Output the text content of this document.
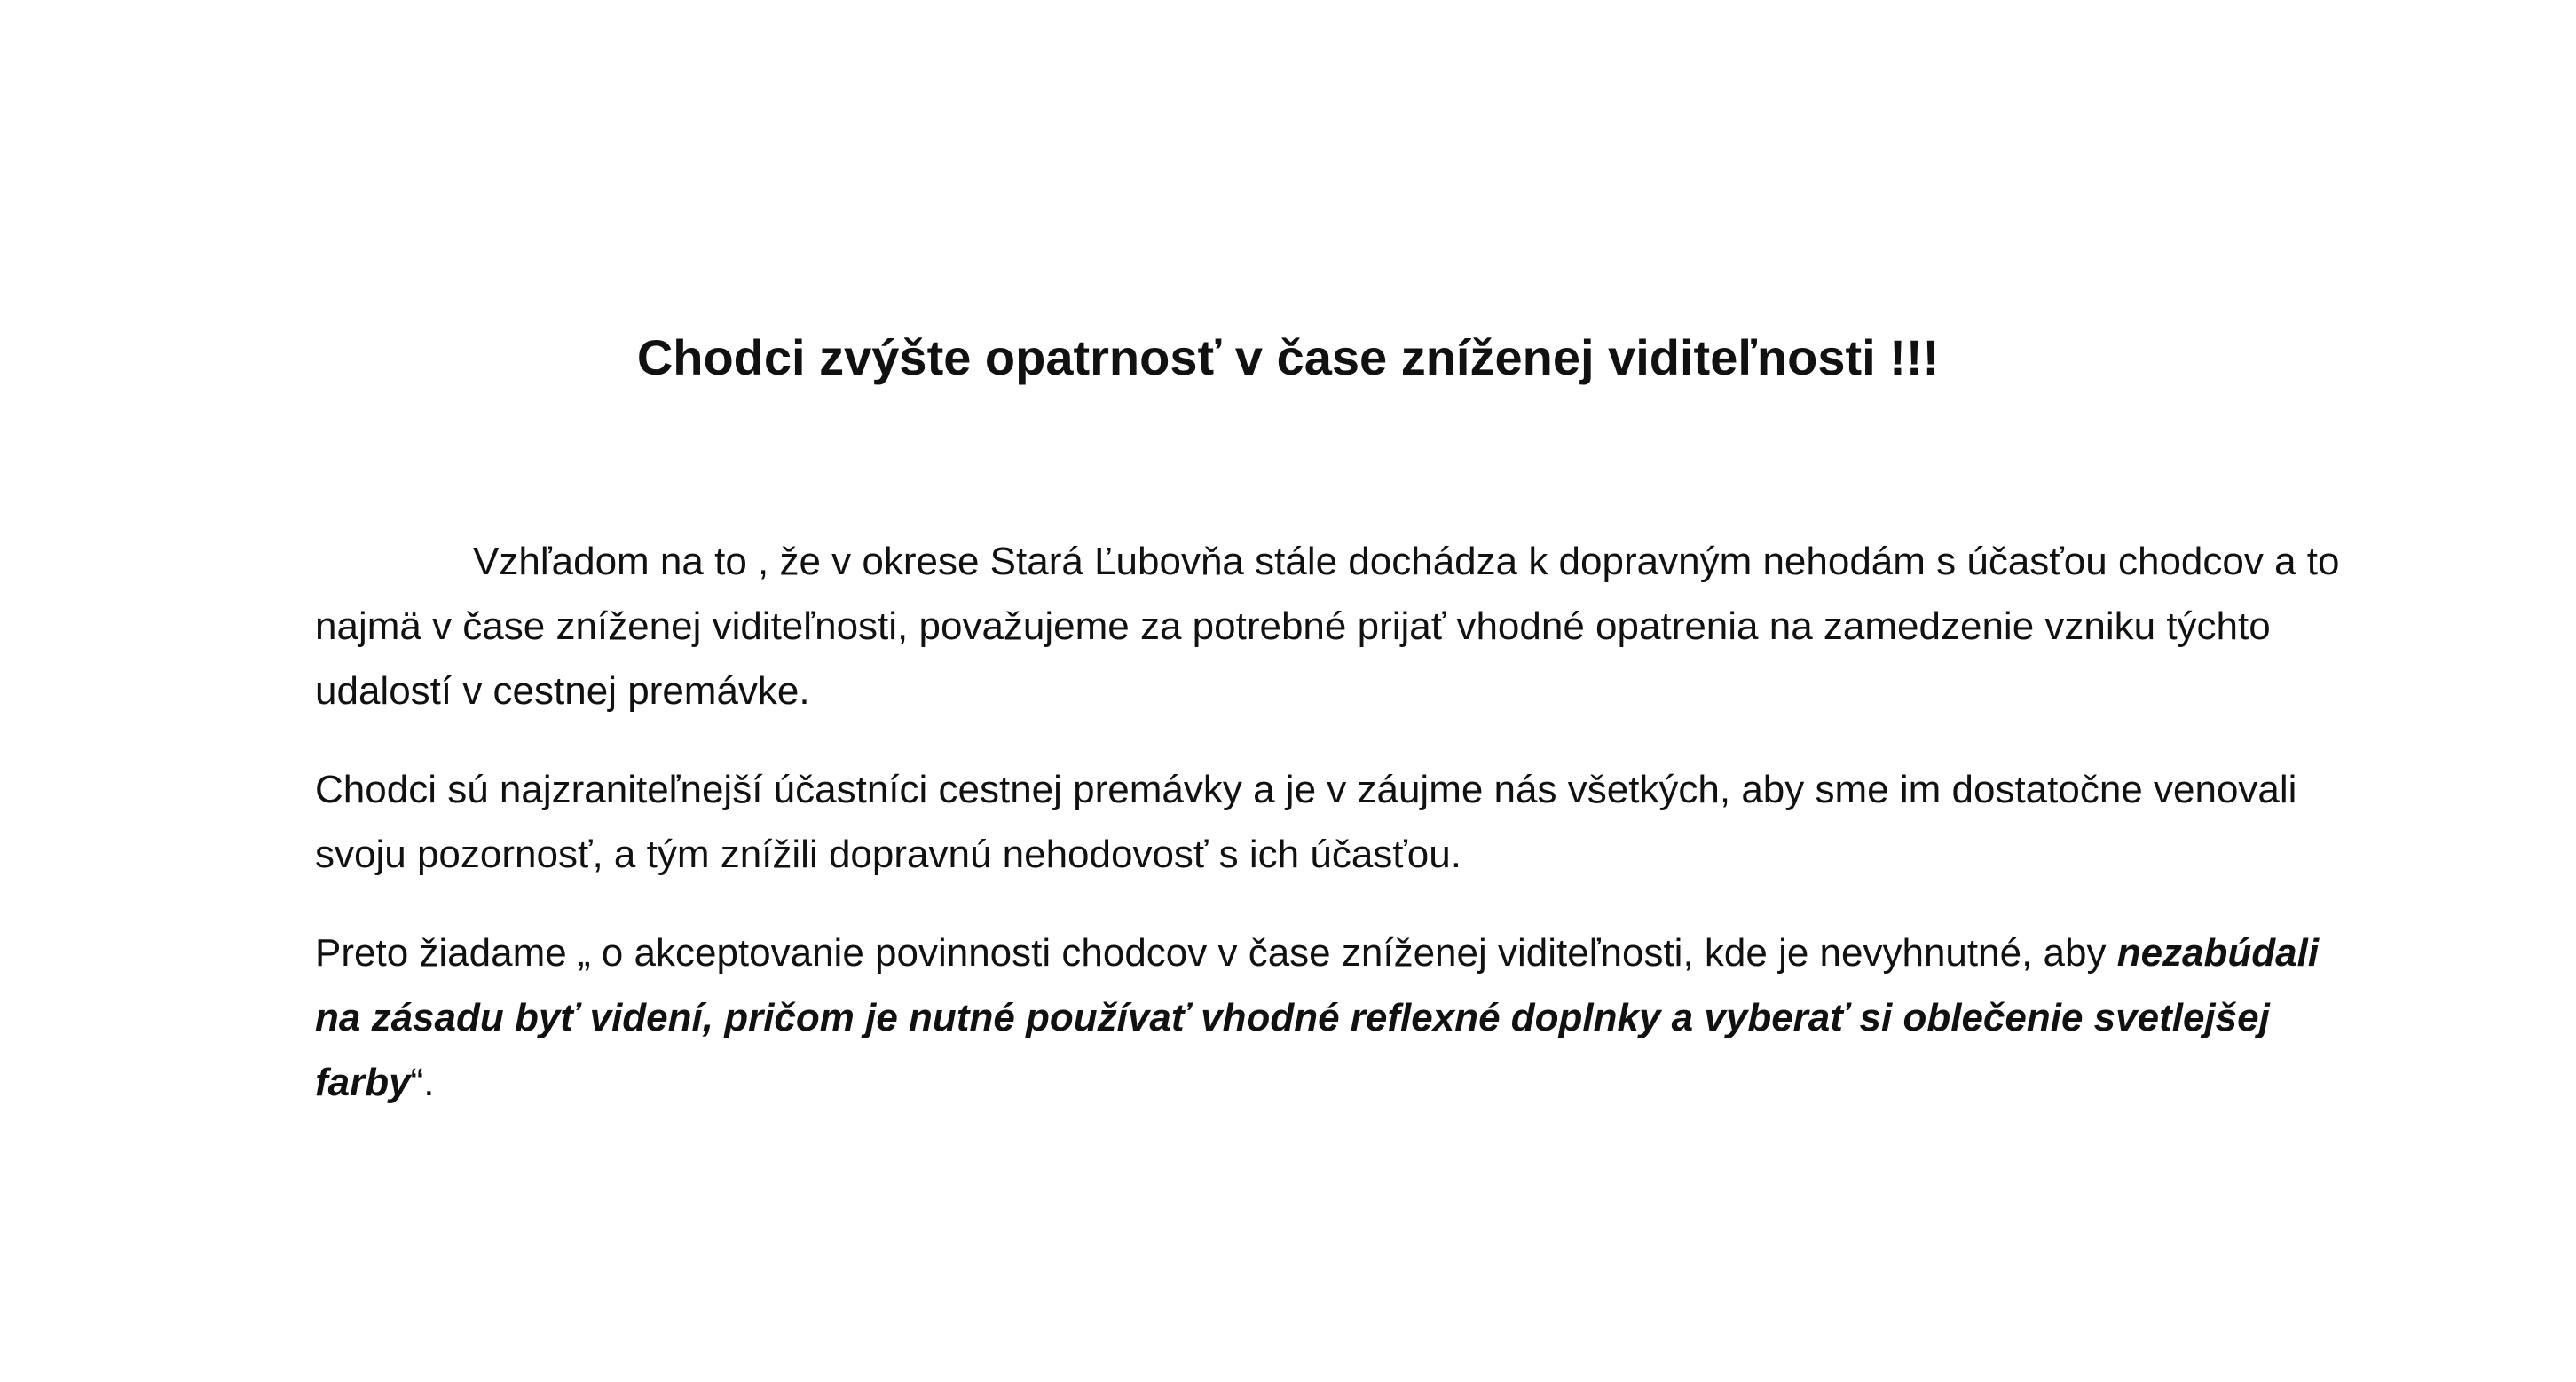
Chodci zvýšte opatrnosť v čase zníženej viditeľnosti !!!

Vzhľadom na to , že v okrese Stará Ľubovňa stále dochádza k dopravným nehodám s účasťou chodcov a to najmä v čase zníženej viditeľnosti, považujeme za potrebné prijať vhodné opatrenia na zamedzenie vzniku týchto udalostí v cestnej premávke.

Chodci sú najzraniteľnejší účastníci cestnej premávky a je v záujme nás všetkých, aby sme im dostatočne venovali svoju pozornosť, a tým znížili dopravnú nehodovosť s ich účasťou.

Preto žiadame „ o akceptovanie povinnosti chodcov v čase zníženej viditeľnosti, kde je nevyhnutné, aby nezabúdali na zásadu byť videní, pričom je nutné používať vhodné reflexné doplnky a vyberať si oblečenie svetlejšej farby“.
